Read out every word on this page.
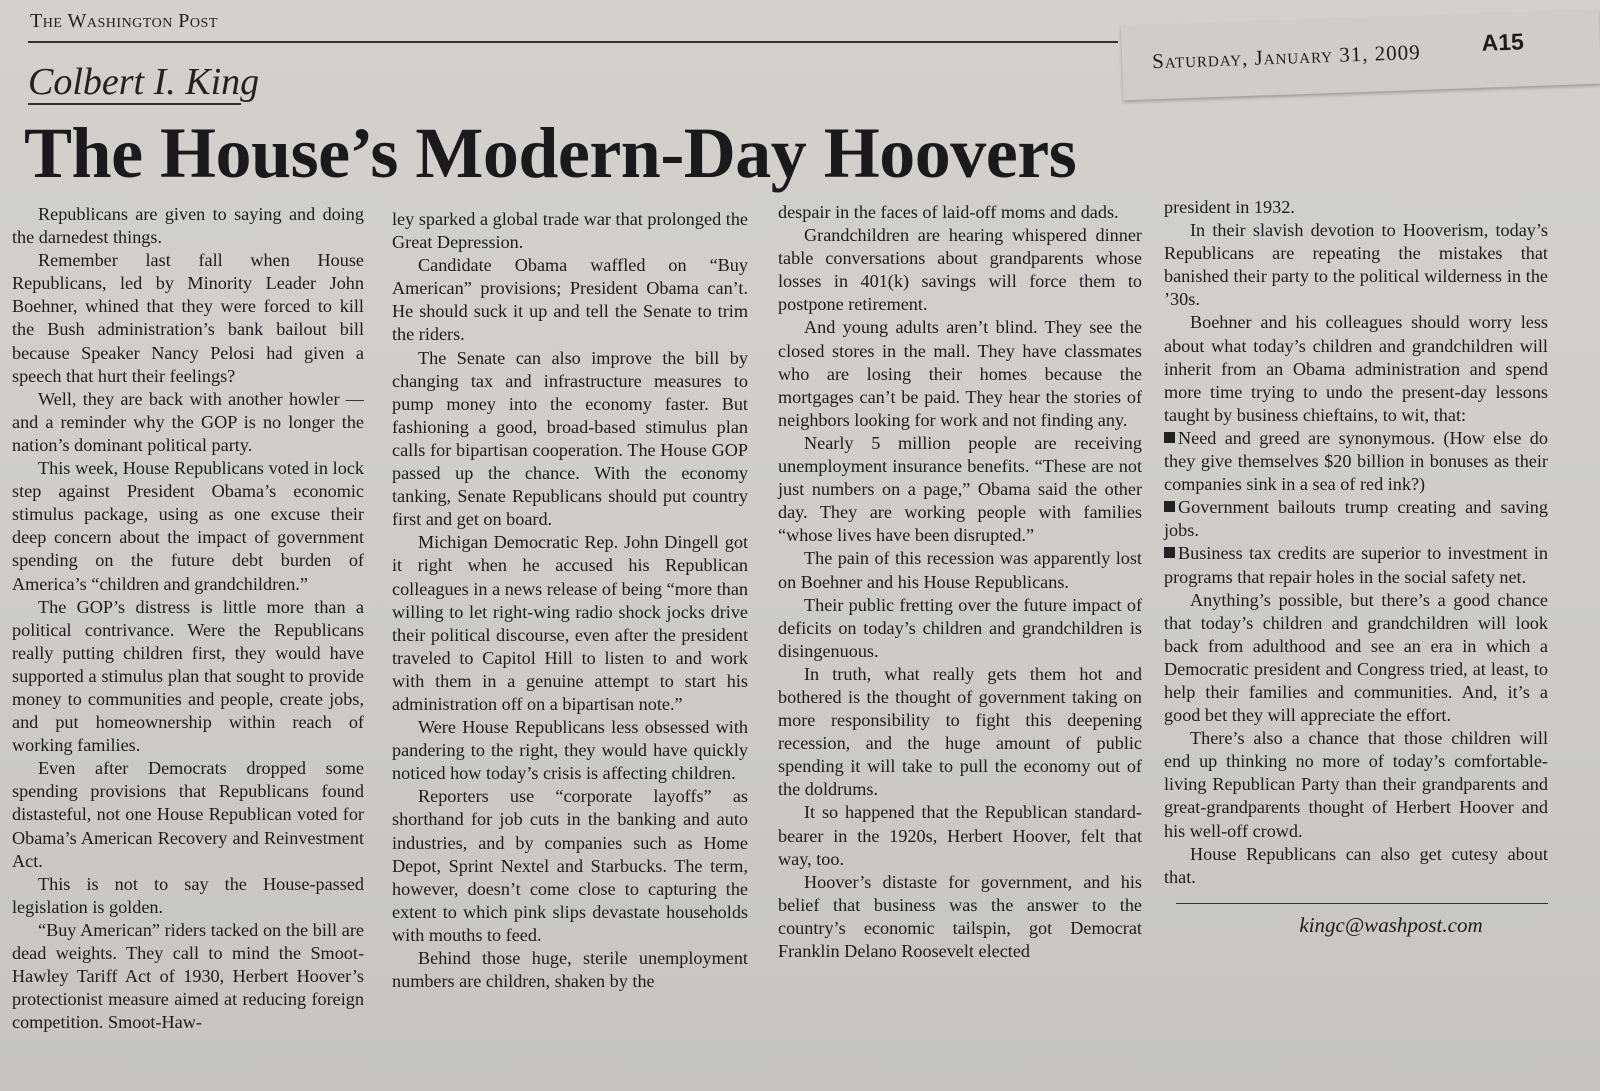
The Washington Post
Saturday, January 31, 2009	A15
Colbert I. King
The House’s Modern-Day Hoovers

Republicans are given to saying and doing the darnedest things.

Remember last fall when House Republicans, led by Minority Leader John Boehner, whined that they were forced to kill the Bush administration’s bank bailout bill because Speaker Nancy Pelosi had given a speech that hurt their feelings?

Well, they are back with another howler — and a reminder why the GOP is no longer the nation’s dominant political party.

This week, House Republicans voted in lock step against President Obama’s economic stimulus package, using as one excuse their deep concern about the impact of government spending on the future debt burden of America’s “children and grandchildren.”

The GOP’s distress is little more than a political contrivance. Were the Republicans really putting children first, they would have supported a stimulus plan that sought to provide money to communities and people, create jobs, and put homeownership within reach of working families.

Even after Democrats dropped some spending provisions that Republicans found distasteful, not one House Republican voted for Obama’s American Recovery and Reinvestment Act.

This is not to say the House-passed legislation is golden.

“Buy American” riders tacked on the bill are dead weights. They call to mind the Smoot-Hawley Tariff Act of 1930, Herbert Hoover’s protectionist measure aimed at reducing foreign competition. Smoot-Haw-

ley sparked a global trade war that prolonged the Great Depression.

Candidate Obama waffled on “Buy American” provisions; President Obama can’t. He should suck it up and tell the Senate to trim the riders.

The Senate can also improve the bill by changing tax and infrastructure measures to pump money into the economy faster. But fashioning a good, broad-based stimulus plan calls for bipartisan cooperation. The House GOP passed up the chance. With the economy tanking, Senate Republicans should put country first and get on board.

Michigan Democratic Rep. John Dingell got it right when he accused his Republican colleagues in a news release of being “more than willing to let right-wing radio shock jocks drive their political discourse, even after the president traveled to Capitol Hill to listen to and work with them in a genuine attempt to start his administration off on a bipartisan note.”

Were House Republicans less obsessed with pandering to the right, they would have quickly noticed how today’s crisis is affecting children.

Reporters use “corporate layoffs” as shorthand for job cuts in the banking and auto industries, and by companies such as Home Depot, Sprint Nextel and Starbucks. The term, however, doesn’t come close to capturing the extent to which pink slips devastate households with mouths to feed.

Behind those huge, sterile unemployment numbers are children, shaken by the

despair in the faces of laid-off moms and dads.

Grandchildren are hearing whispered dinner table conversations about grandparents whose losses in 401(k) savings will force them to postpone retirement.

And young adults aren’t blind. They see the closed stores in the mall. They have classmates who are losing their homes because the mortgages can’t be paid. They hear the stories of neighbors looking for work and not finding any.

Nearly 5 million people are receiving unemployment insurance benefits. “These are not just numbers on a page,” Obama said the other day. They are working people with families “whose lives have been disrupted.”

The pain of this recession was apparently lost on Boehner and his House Republicans.

Their public fretting over the future impact of deficits on today’s children and grandchildren is disingenuous.

In truth, what really gets them hot and bothered is the thought of government taking on more responsibility to fight this deepening recession, and the huge amount of public spending it will take to pull the economy out of the doldrums.

It so happened that the Republican standard-bearer in the 1920s, Herbert Hoover, felt that way, too.

Hoover’s distaste for government, and his belief that business was the answer to the country’s economic tailspin, got Democrat Franklin Delano Roosevelt elected

president in 1932.

In their slavish devotion to Hooverism, today’s Republicans are repeating the mistakes that banished their party to the political wilderness in the ’30s.

Boehner and his colleagues should worry less about what today’s children and grandchildren will inherit from an Obama administration and spend more time trying to undo the present-day lessons taught by business chieftains, to wit, that:

Need and greed are synonymous. (How else do they give themselves $20 billion in bonuses as their companies sink in a sea of red ink?)

Government bailouts trump creating and saving jobs.

Business tax credits are superior to investment in programs that repair holes in the social safety net.

Anything’s possible, but there’s a good chance that today’s children and grandchildren will look back from adulthood and see an era in which a Democratic president and Congress tried, at least, to help their families and communities. And, it’s a good bet they will appreciate the effort.

There’s also a chance that those children will end up thinking no more of today’s comfortable-living Republican Party than their grandparents and great-grandparents thought of Herbert Hoover and his well-off crowd.

House Republicans can also get cutesy about that.

kingc@washpost.com
